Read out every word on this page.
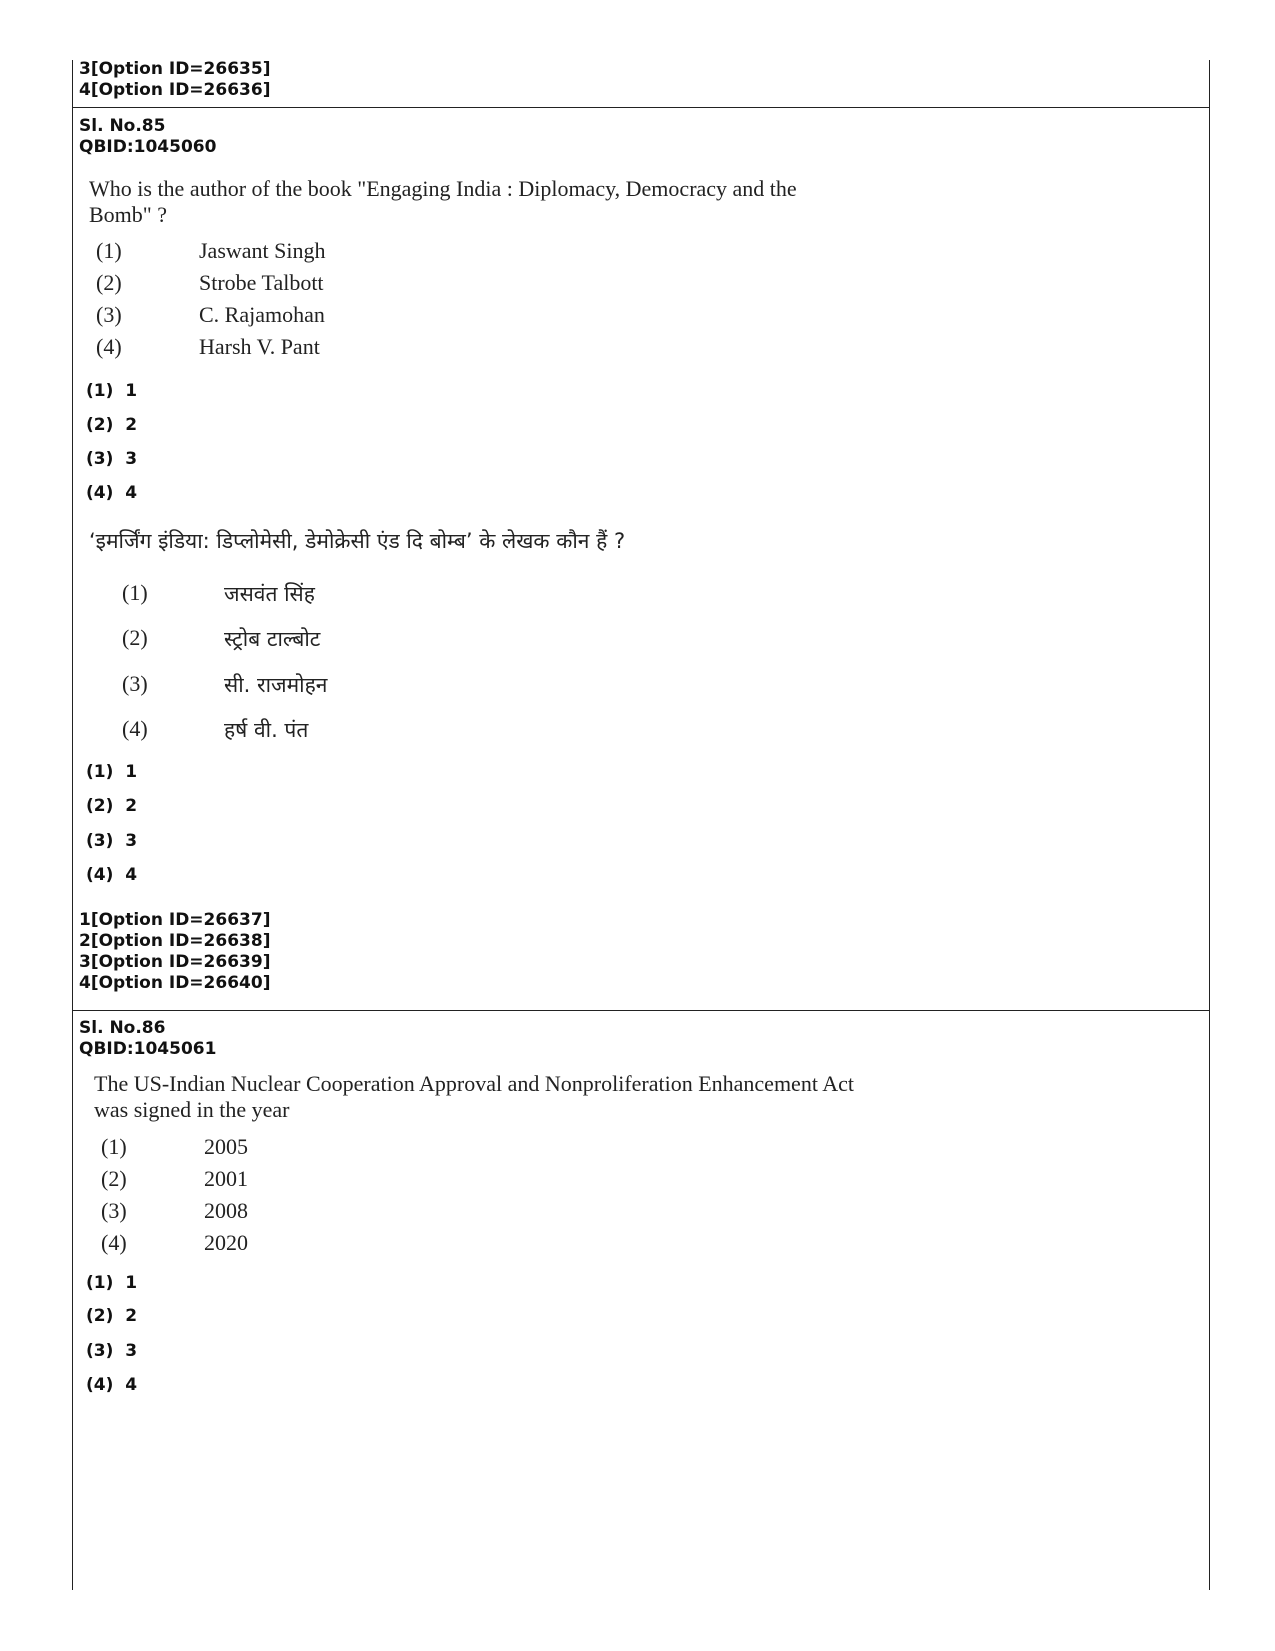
3[Option ID=26635]
4[Option ID=26636]
Sl. No.85
QBID:1045060
Who is the author of the book "Engaging India : Diplomacy, Democracy and the
Bomb" ?
(1)	Jaswant Singh
(2)	Strobe Talbott
(3)	C. Rajamohan
(4)	Harsh V. Pant
(1)  1
(2)  2
(3)  3
(4)  4
‘इमर्जिंग इंडिया: डिप्लोमेसी, डेमोक्रेसी एंड दि बोम्ब’ के लेखक कौन हैं ?
(1)	जसवंत सिंह
(2)	स्ट्रोब टाल्बोट
(3)	सी. राजमोहन
(4)	हर्ष वी. पंत
(1)  1
(2)  2
(3)  3
(4)  4
1[Option ID=26637]
2[Option ID=26638]
3[Option ID=26639]
4[Option ID=26640]
Sl. No.86
QBID:1045061
The US-Indian Nuclear Cooperation Approval and Nonproliferation Enhancement Act
was signed in the year
(1)	2005
(2)	2001
(3)	2008
(4)	2020
(1)  1
(2)  2
(3)  3
(4)  4
